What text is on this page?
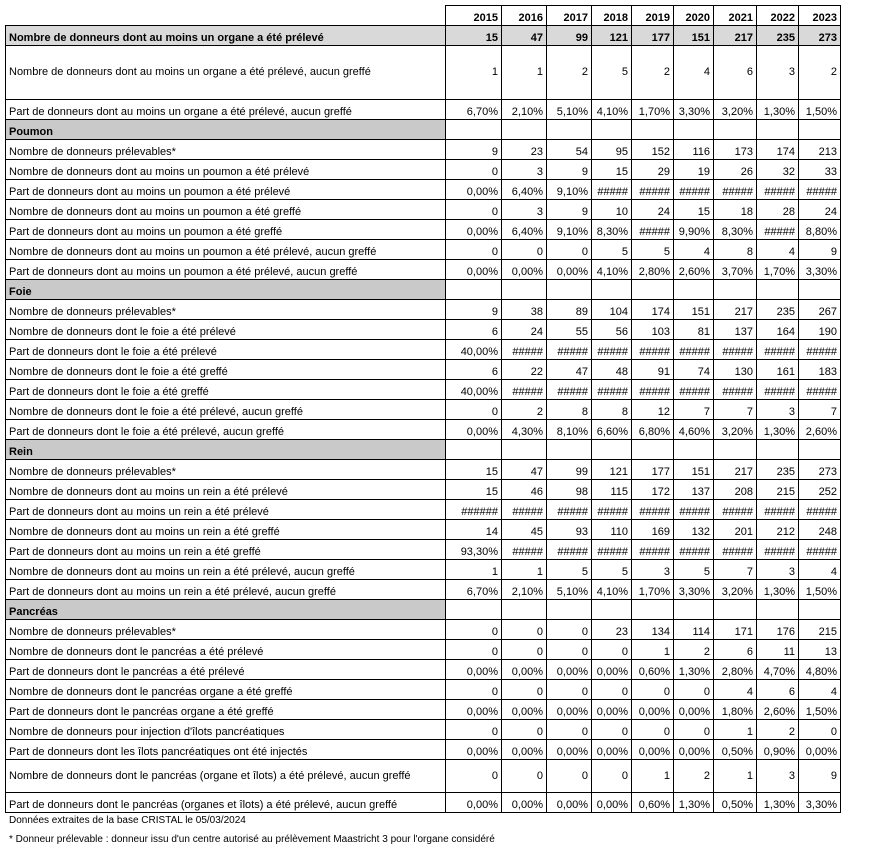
	2015	2016	2017	2018	2019	2020	2021	2022	2023
Nombre de donneurs dont au moins un organe a été prélevé	15	47	99	121	177	151	217	235	273
Nombre de donneurs dont au moins un organe a été prélevé, aucun greffé	1	1	2	5	2	4	6	3	2
Part de donneurs dont au moins un organe a été prélevé, aucun greffé	6,70%	2,10%	5,10%	4,10%	1,70%	3,30%	3,20%	1,30%	1,50%
Poumon									
Nombre de donneurs prélevables*	9	23	54	95	152	116	173	174	213
Nombre de donneurs dont au moins un poumon a été prélevé	0	3	9	15	29	19	26	32	33
Part de donneurs dont au moins un poumon a été prélevé	0,00%	6,40%	9,10%	#####	#####	#####	#####	#####	#####
Nombre de donneurs dont au moins un poumon a été greffé	0	3	9	10	24	15	18	28	24
Part de donneurs dont au moins un poumon a été greffé	0,00%	6,40%	9,10%	8,30%	#####	9,90%	8,30%	#####	8,80%
Nombre de donneurs dont au moins un poumon a été prélevé, aucun greffé	0	0	0	5	5	4	8	4	9
Part de donneurs dont au moins un poumon a été prélevé, aucun greffé	0,00%	0,00%	0,00%	4,10%	2,80%	2,60%	3,70%	1,70%	3,30%
Foie									
Nombre de donneurs prélevables*	9	38	89	104	174	151	217	235	267
Nombre de donneurs dont le foie a été prélevé	6	24	55	56	103	81	137	164	190
Part de donneurs dont le foie a été prélevé	40,00%	#####	#####	#####	#####	#####	#####	#####	#####
Nombre de donneurs dont le foie a été greffé	6	22	47	48	91	74	130	161	183
Part de donneurs dont le foie a été greffé	40,00%	#####	#####	#####	#####	#####	#####	#####	#####
Nombre de donneurs dont le foie a été prélevé, aucun greffé	0	2	8	8	12	7	7	3	7
Part de donneurs dont le foie a été prélevé, aucun greffé	0,00%	4,30%	8,10%	6,60%	6,80%	4,60%	3,20%	1,30%	2,60%
Rein									
Nombre de donneurs prélevables*	15	47	99	121	177	151	217	235	273
Nombre de donneurs dont au moins un rein a été prélevé	15	46	98	115	172	137	208	215	252
Part de donneurs dont au moins un rein a été prélevé	######	#####	#####	#####	#####	#####	#####	#####	#####
Nombre de donneurs dont au moins un rein a été greffé	14	45	93	110	169	132	201	212	248
Part de donneurs dont au moins un rein a été greffé	93,30%	#####	#####	#####	#####	#####	#####	#####	#####
Nombre de donneurs dont au moins un rein a été prélevé, aucun greffé	1	1	5	5	3	5	7	3	4
Part de donneurs dont au moins un rein a été prélevé, aucun greffé	6,70%	2,10%	5,10%	4,10%	1,70%	3,30%	3,20%	1,30%	1,50%
Pancréas									
Nombre de donneurs prélevables*	0	0	0	23	134	114	171	176	215
Nombre de donneurs dont le pancréas a été prélevé	0	0	0	0	1	2	6	11	13
Part de donneurs dont le pancréas a été prélevé	0,00%	0,00%	0,00%	0,00%	0,60%	1,30%	2,80%	4,70%	4,80%
Nombre de donneurs dont le pancréas organe a été greffé	0	0	0	0	0	0	4	6	4
Part de donneurs dont le pancréas organe a été greffé	0,00%	0,00%	0,00%	0,00%	0,00%	0,00%	1,80%	2,60%	1,50%
Nombre de donneurs pour injection d'îlots pancréatiques	0	0	0	0	0	0	1	2	0
Part de donneurs dont les îlots pancréatiques ont été injectés	0,00%	0,00%	0,00%	0,00%	0,00%	0,00%	0,50%	0,90%	0,00%
Nombre de donneurs dont le pancréas (organe et îlots) a été prélevé, aucun greffé	0	0	0	0	1	2	1	3	9
Part de donneurs dont le pancréas (organes et îlots) a été prélevé, aucun greffé	0,00%	0,00%	0,00%	0,00%	0,60%	1,30%	0,50%	1,30%	3,30%
Données extraites de la base CRISTAL le 05/03/2024
* Donneur prélevable : donneur issu d'un centre autorisé au prélèvement Maastricht 3 pour l'organe considéré
